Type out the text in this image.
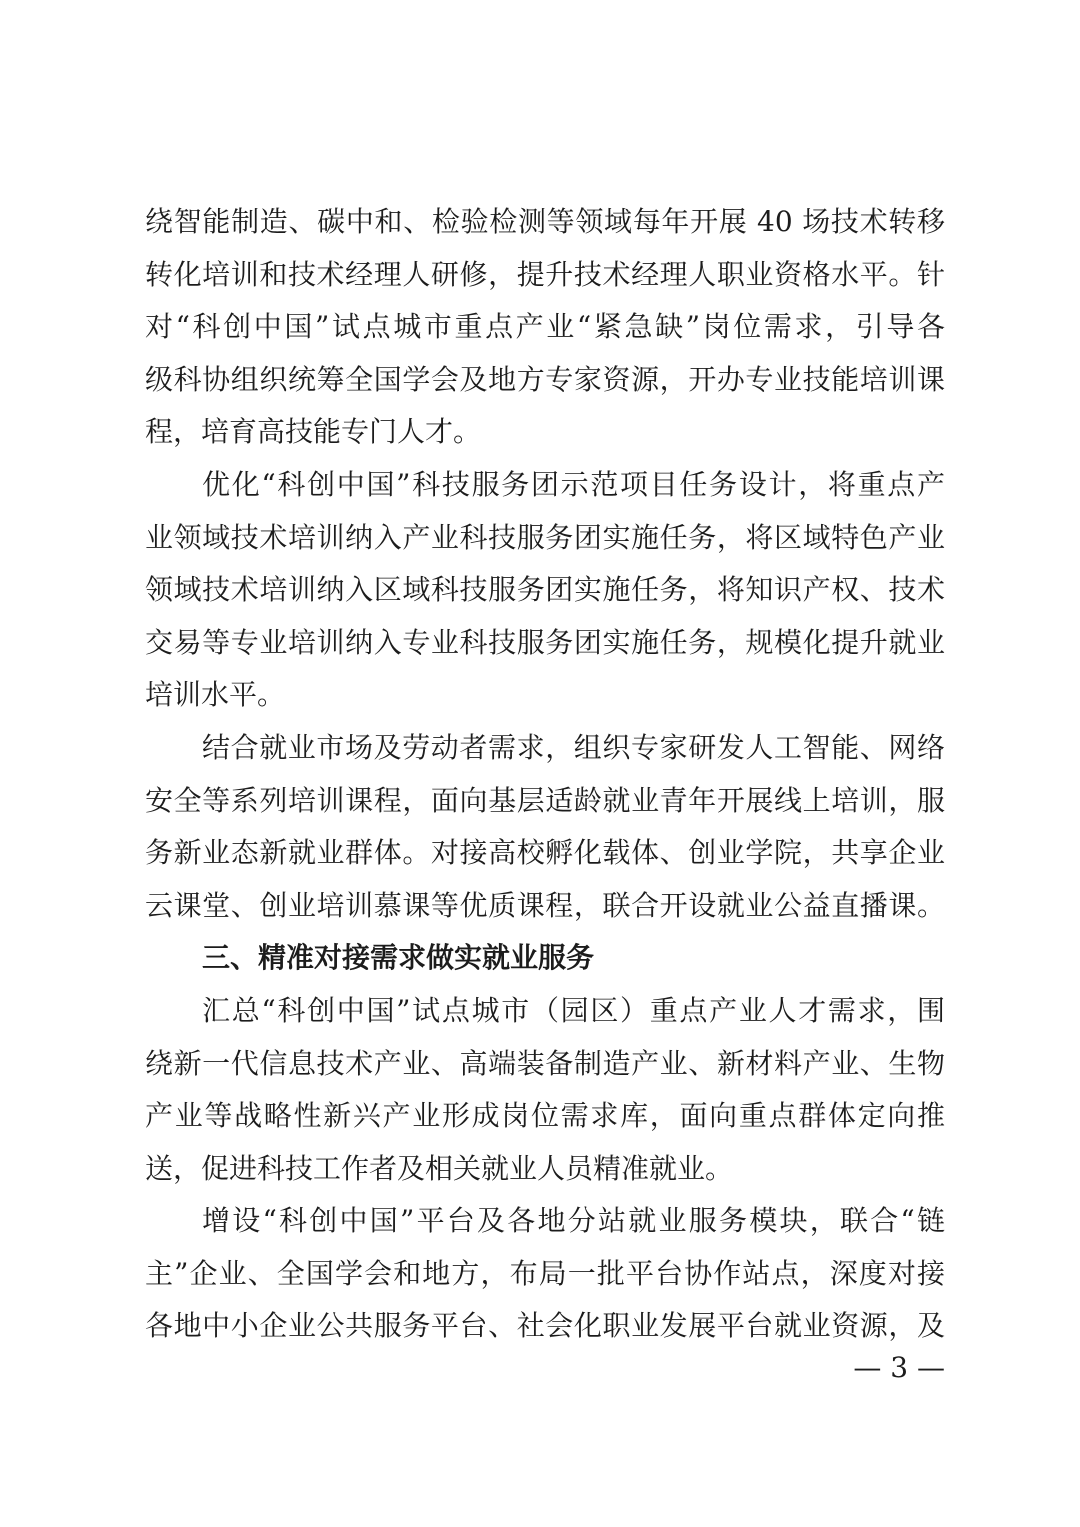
绕智能制造、碳中和、检验检测等领域每年开展 40 场技术转移
转化培训和技术经理人研修，提升技术经理人职业资格水平。针
对“科创中国”试点城市重点产业“紧急缺”岗位需求，引导各
级科协组织统筹全国学会及地方专家资源，开办专业技能培训课
程，培育高技能专门人才。
优化“科创中国”科技服务团示范项目任务设计，将重点产
业领域技术培训纳入产业科技服务团实施任务，将区域特色产业
领域技术培训纳入区域科技服务团实施任务，将知识产权、技术
交易等专业培训纳入专业科技服务团实施任务，规模化提升就业
培训水平。
结合就业市场及劳动者需求，组织专家研发人工智能、网络
安全等系列培训课程，面向基层适龄就业青年开展线上培训，服
务新业态新就业群体。对接高校孵化载体、创业学院，共享企业
云课堂、创业培训慕课等优质课程，联合开设就业公益直播课。
三、精准对接需求做实就业服务
汇总“科创中国”试点城市（园区）重点产业人才需求，围
绕新一代信息技术产业、高端装备制造产业、新材料产业、生物
产业等战略性新兴产业形成岗位需求库，面向重点群体定向推
送，促进科技工作者及相关就业人员精准就业。
增设“科创中国”平台及各地分站就业服务模块，联合“链
主”企业、全国学会和地方，布局一批平台协作站点，深度对接
各地中小企业公共服务平台、社会化职业发展平台就业资源，及
— 3 —
